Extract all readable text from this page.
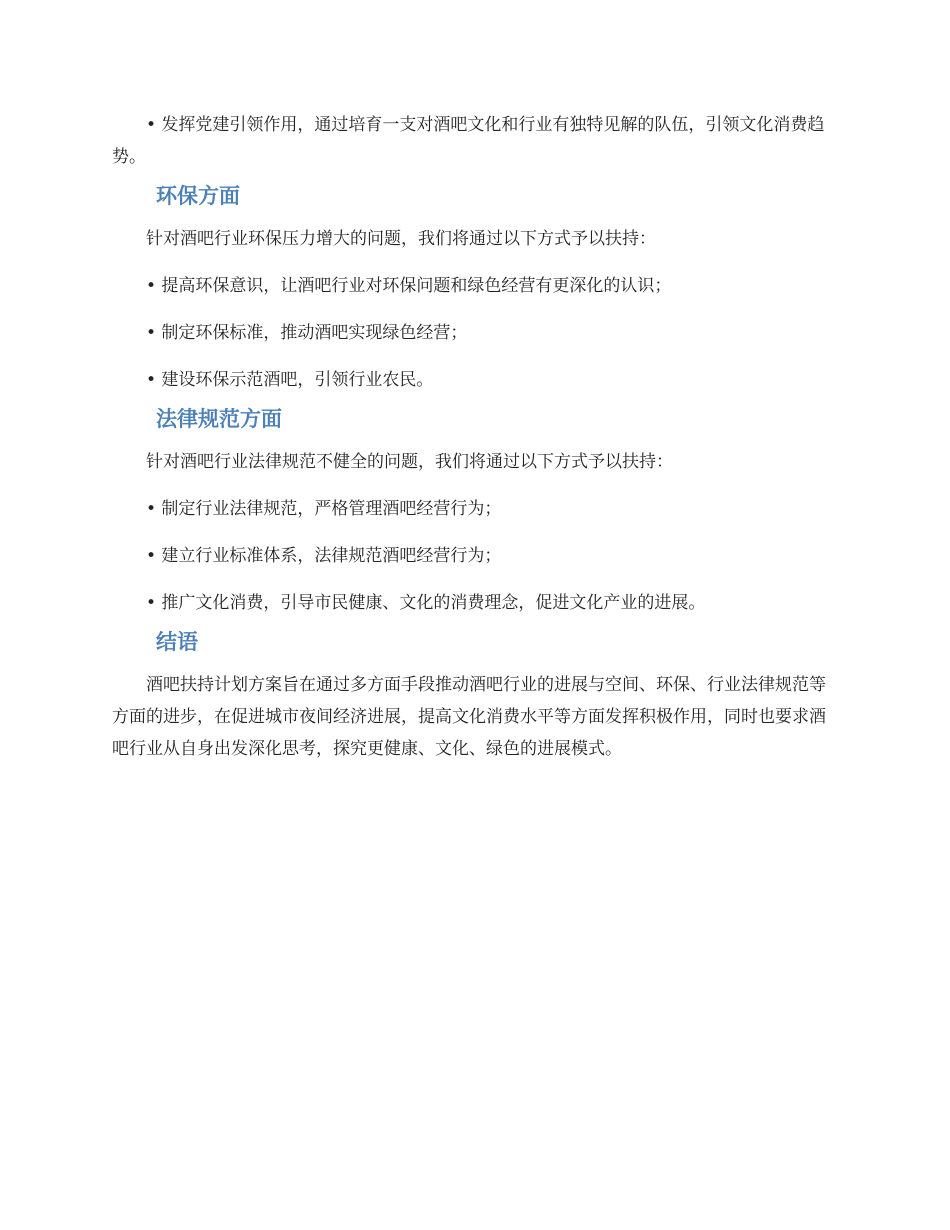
• 发挥党建引领作用，通过培育一支对酒吧文化和行业有独特见解的队伍，引领文化消费趋势。

环保方面

针对酒吧行业环保压力增大的问题，我们将通过以下方式予以扶持：

• 提高环保意识，让酒吧行业对环保问题和绿色经营有更深化的认识；

• 制定环保标准，推动酒吧实现绿色经营；

• 建设环保示范酒吧，引领行业农民。

法律规范方面

针对酒吧行业法律规范不健全的问题，我们将通过以下方式予以扶持：

• 制定行业法律规范，严格管理酒吧经营行为；

• 建立行业标准体系，法律规范酒吧经营行为；

• 推广文化消费，引导市民健康、文化的消费理念，促进文化产业的进展。

结语

酒吧扶持计划方案旨在通过多方面手段推动酒吧行业的进展与空间、环保、行业法律规范等方面的进步，在促进城市夜间经济进展，提高文化消费水平等方面发挥积极作用，同时也要求酒吧行业从自身出发深化思考，探究更健康、文化、绿色的进展模式。
